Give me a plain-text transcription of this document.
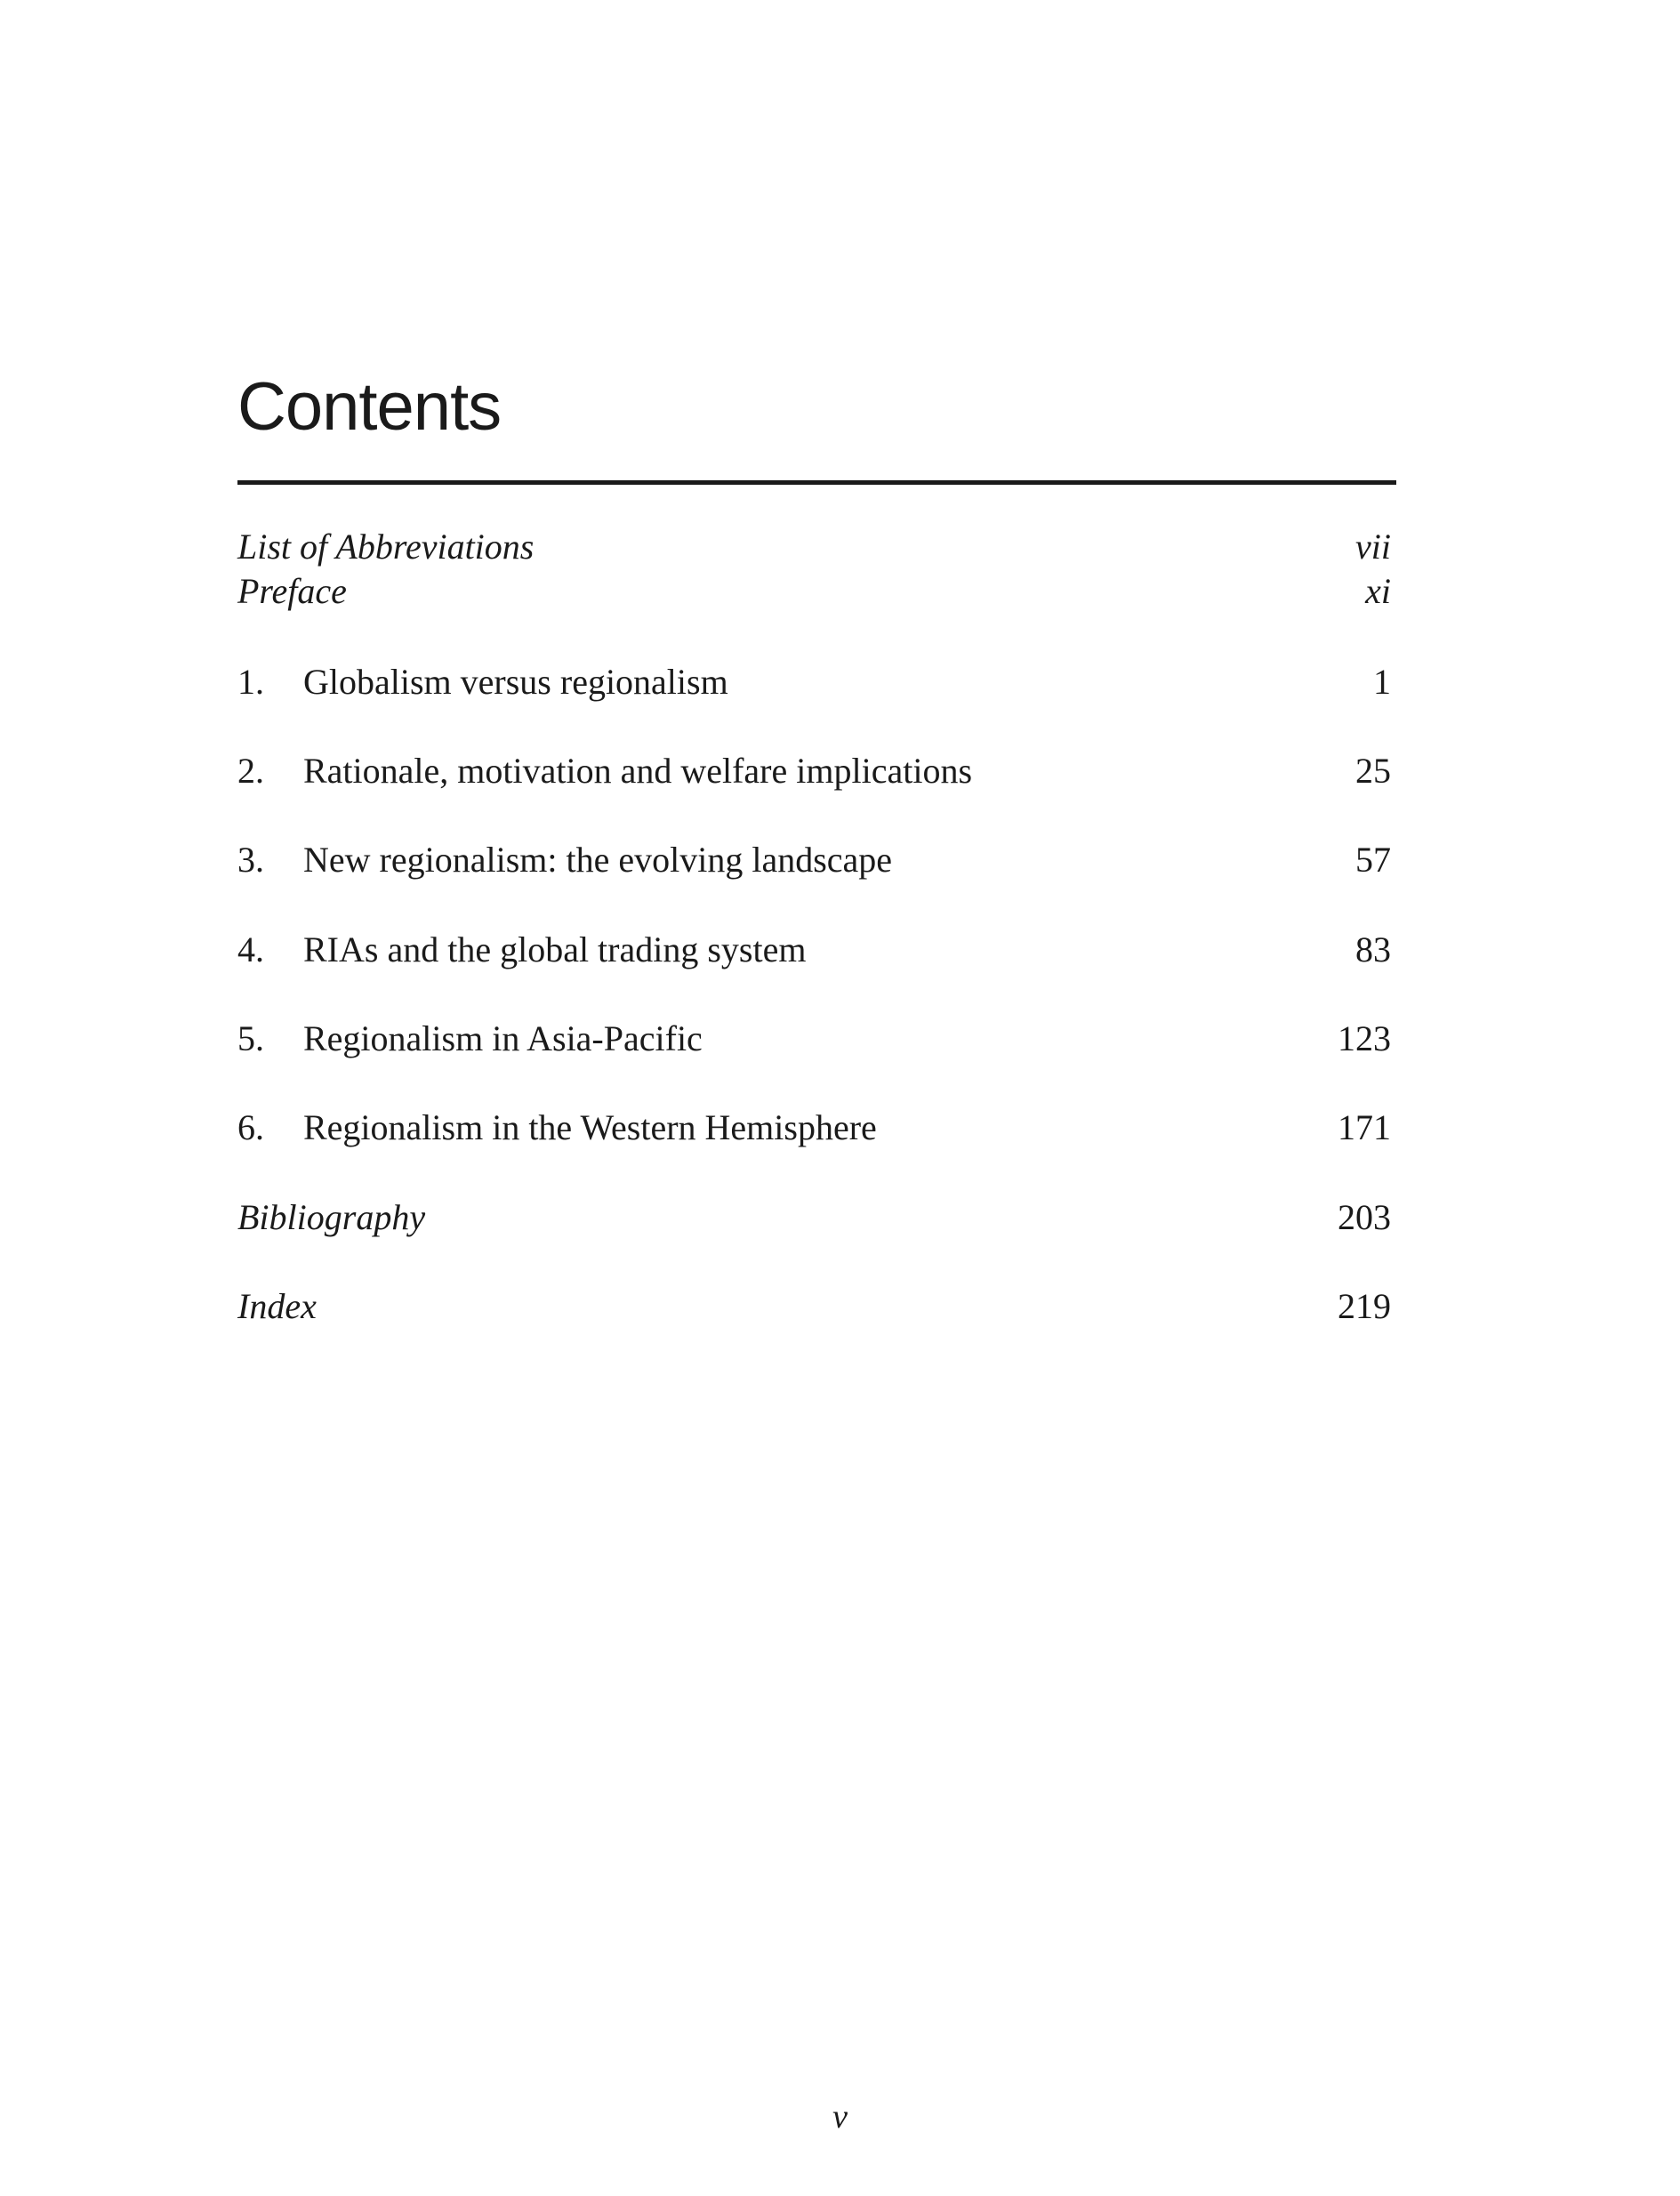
Contents
List of Abbreviations	vii
Preface	xi
1. Globalism versus regionalism	1
2. Rationale, motivation and welfare implications	25
3. New regionalism: the evolving landscape	57
4. RIAs and the global trading system	83
5. Regionalism in Asia-Pacific	123
6. Regionalism in the Western Hemisphere	171
Bibliography	203
Index	219
v
